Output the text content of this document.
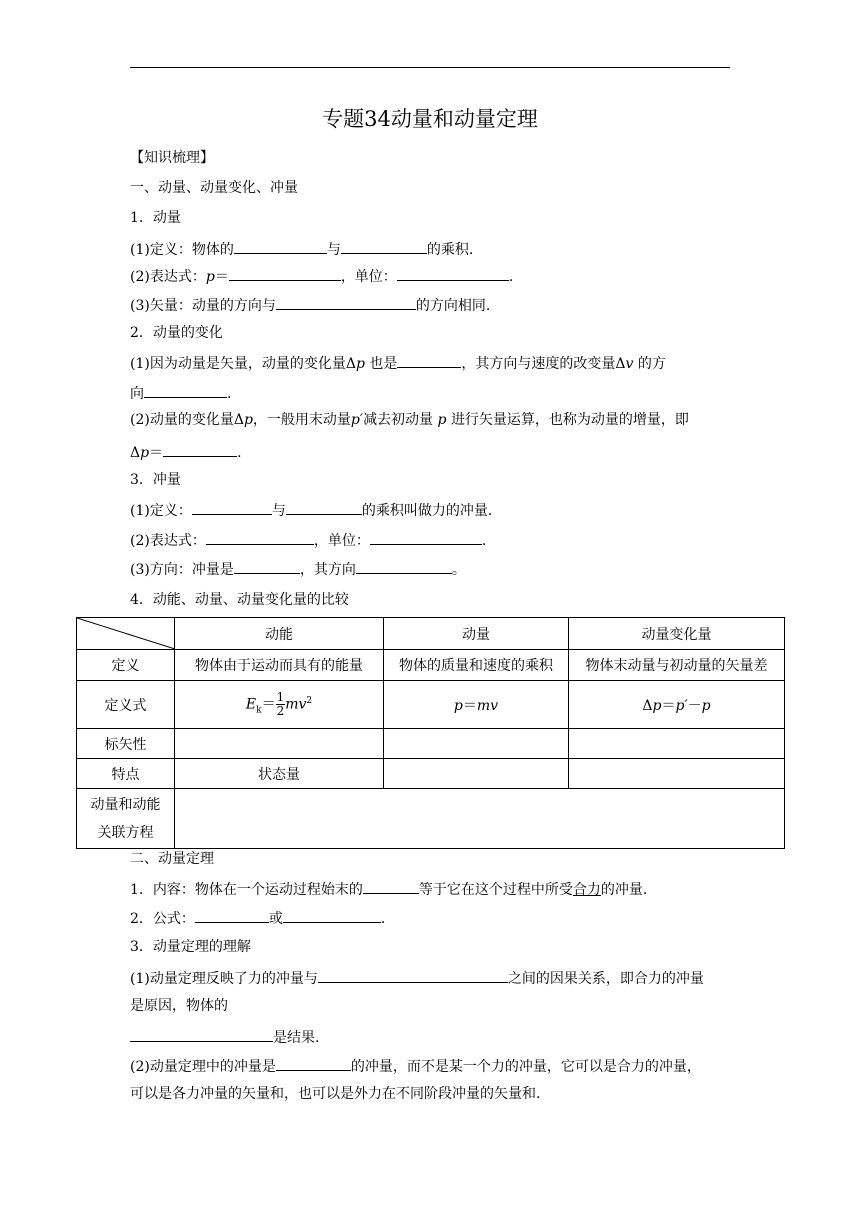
专题34动量和动量定理
【知识梳理】
一、动量、动量变化、冲量
1．动量
(1)定义：物体的	与	的乘积.
(2)表达式：p＝	，单位：	.
(3)矢量：动量的方向与	的方向相同.
2．动量的变化
(1)因为动量是矢量，动量的变化量Δp 也是	，其方向与速度的改变量Δv 的方
向	.
(2)动量的变化量Δp，一般用末动量p′减去初动量 p 进行矢量运算，也称为动量的增量，即
Δp＝	.
3．冲量
(1)定义：	与	的乘积叫做力的冲量.
(2)表达式：	，单位：	.
(3)方向：冲量是	，其方向	。
4．动能、动量、动量变化量的比较
	动能	动量	动量变化量
定义	物体由于运动而具有的能量	物体的质量和速度的乘积	物体末动量与初动量的矢量差
定义式	$E_k= \frac{1}{2} mv^2$	p＝mv	Δp＝p′－p
标矢性			
特点	状态量		
动量和动能
关联方程			
二、动量定理
1．内容：物体在一个运动过程始末的	等于它在这个过程中所受合力的冲量.
2．公式：	或	.
3．动量定理的理解
(1)动量定理反映了力的冲量与	之间的因果关系，即合力的冲量
是原因，物体的
是结果.
(2)动量定理中的冲量是	的冲量，而不是某一个力的冲量，它可以是合力的冲量，
可以是各力冲量的矢量和，也可以是外力在不同阶段冲量的矢量和.
